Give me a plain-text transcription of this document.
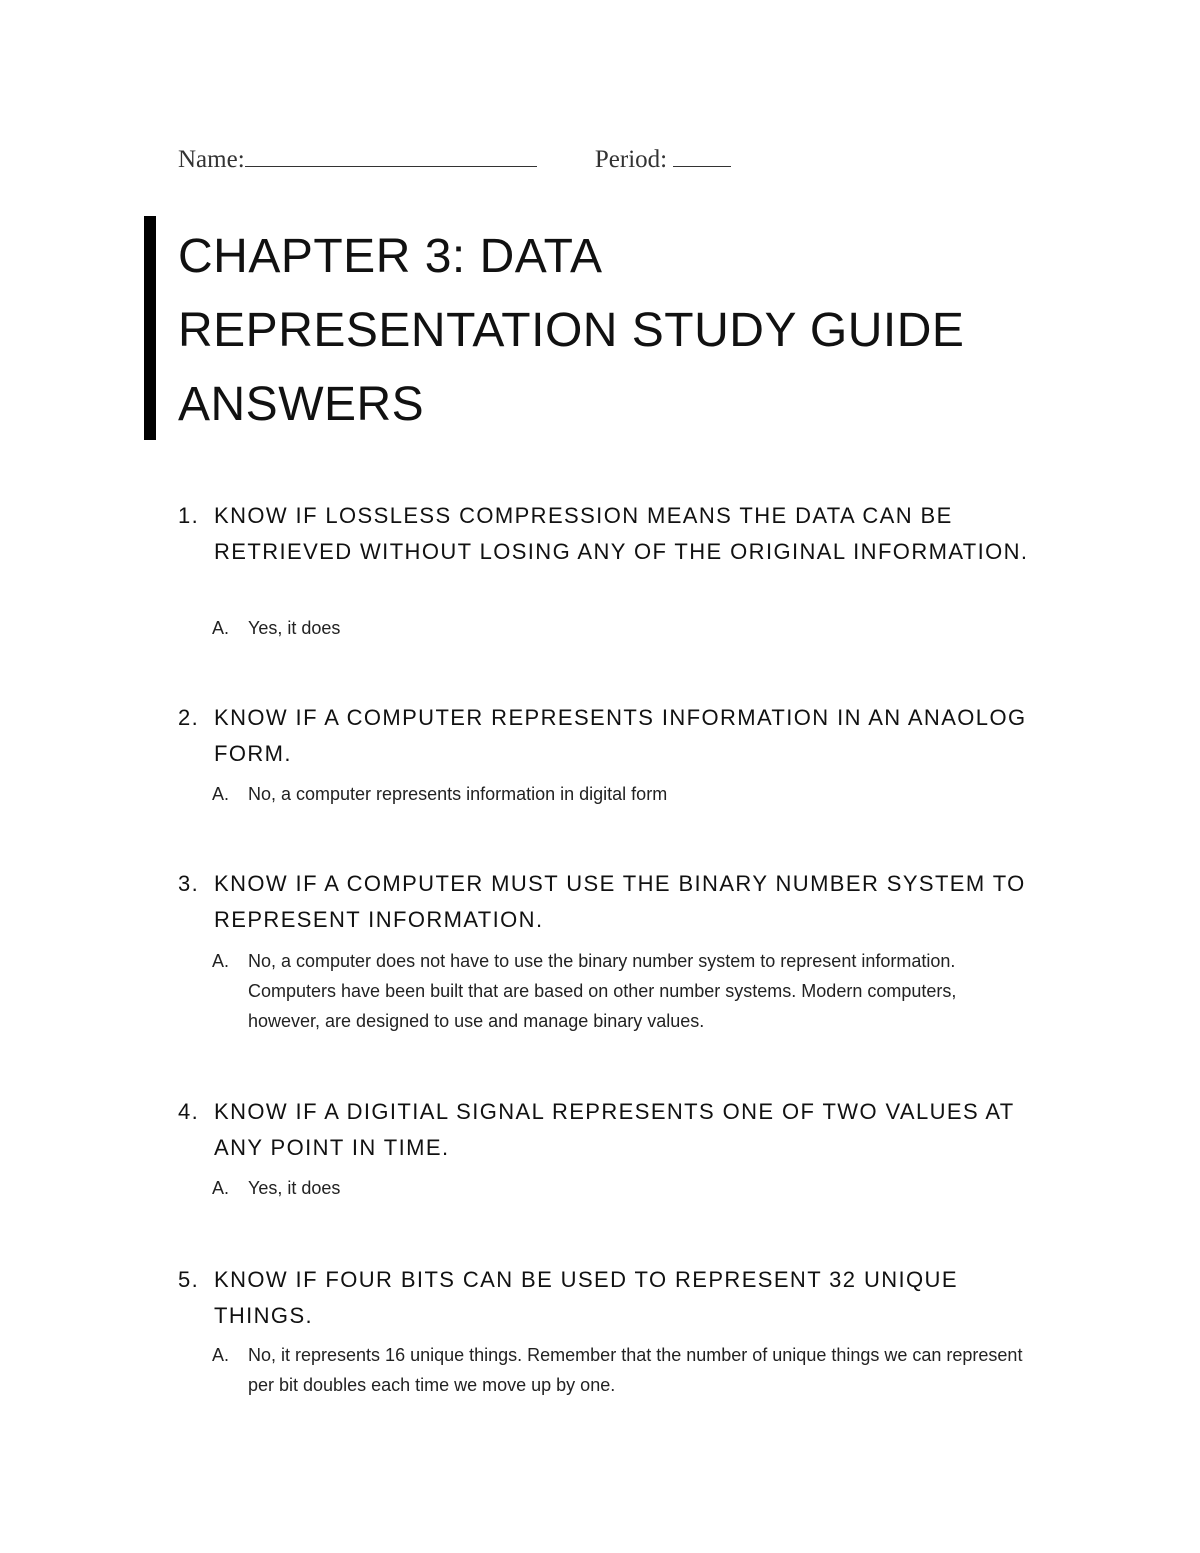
Name:	Period:
CHAPTER 3: DATA
REPRESENTATION STUDY GUIDE
ANSWERS
1. KNOW IF LOSSLESS COMPRESSION MEANS THE DATA CAN BE RETRIEVED WITHOUT LOSING ANY OF THE ORIGINAL INFORMATION.
A. Yes, it does
2. KNOW IF A COMPUTER REPRESENTS INFORMATION IN AN ANAOLOG FORM.
A. No, a computer represents information in digital form
3. KNOW IF A COMPUTER MUST USE THE BINARY NUMBER SYSTEM TO REPRESENT INFORMATION.
A. No, a computer does not have to use the binary number system to represent information. Computers have been built that are based on other number systems. Modern computers, however, are designed to use and manage binary values.
4. KNOW IF A DIGITIAL SIGNAL REPRESENTS ONE OF TWO VALUES AT ANY POINT IN TIME.
A. Yes, it does
5. KNOW IF FOUR BITS CAN BE USED TO REPRESENT 32 UNIQUE THINGS.
A. No, it represents 16 unique things. Remember that the number of unique things we can represent per bit doubles each time we move up by one.
